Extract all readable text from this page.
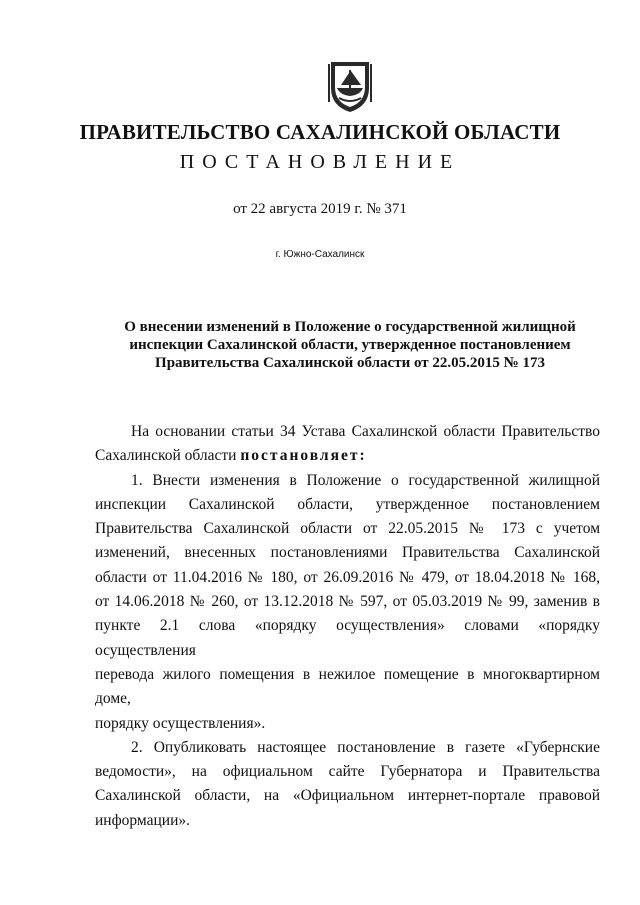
ПРАВИТЕЛЬСТВО САХАЛИНСКОЙ ОБЛАСТИ
ПОСТАНОВЛЕНИЕ
от 22 августа 2019 г. № 371
г. Южно-Сахалинск
О внесении изменений в Положение о государственной жилищной
инспекции Сахалинской области, утвержденное постановлением
Правительства Сахалинской области от 22.05.2015 № 173
На основании статьи 34 Устава Сахалинской области Правительство
Сахалинской области постановляет:
1. Внести изменения в Положение о государственной жилищной
инспекции Сахалинской области, утвержденное постановлением
Правительства Сахалинской области от 22.05.2015 № 173 с учетом
изменений, внесенных постановлениями Правительства Сахалинской
области от 11.04.2016 № 180, от 26.09.2016 № 479, от 18.04.2018 № 168,
от 14.06.2018 № 260, от 13.12.2018 № 597, от 05.03.2019 № 99, заменив в
пункте 2.1 слова «порядку осуществления» словами «порядку осуществления
перевода жилого помещения в нежилое помещение в многоквартирном доме,
порядку осуществления».
2. Опубликовать настоящее постановление в газете «Губернские
ведомости», на официальном сайте Губернатора и Правительства
Сахалинской области, на «Официальном интернет-портале правовой
информации».
